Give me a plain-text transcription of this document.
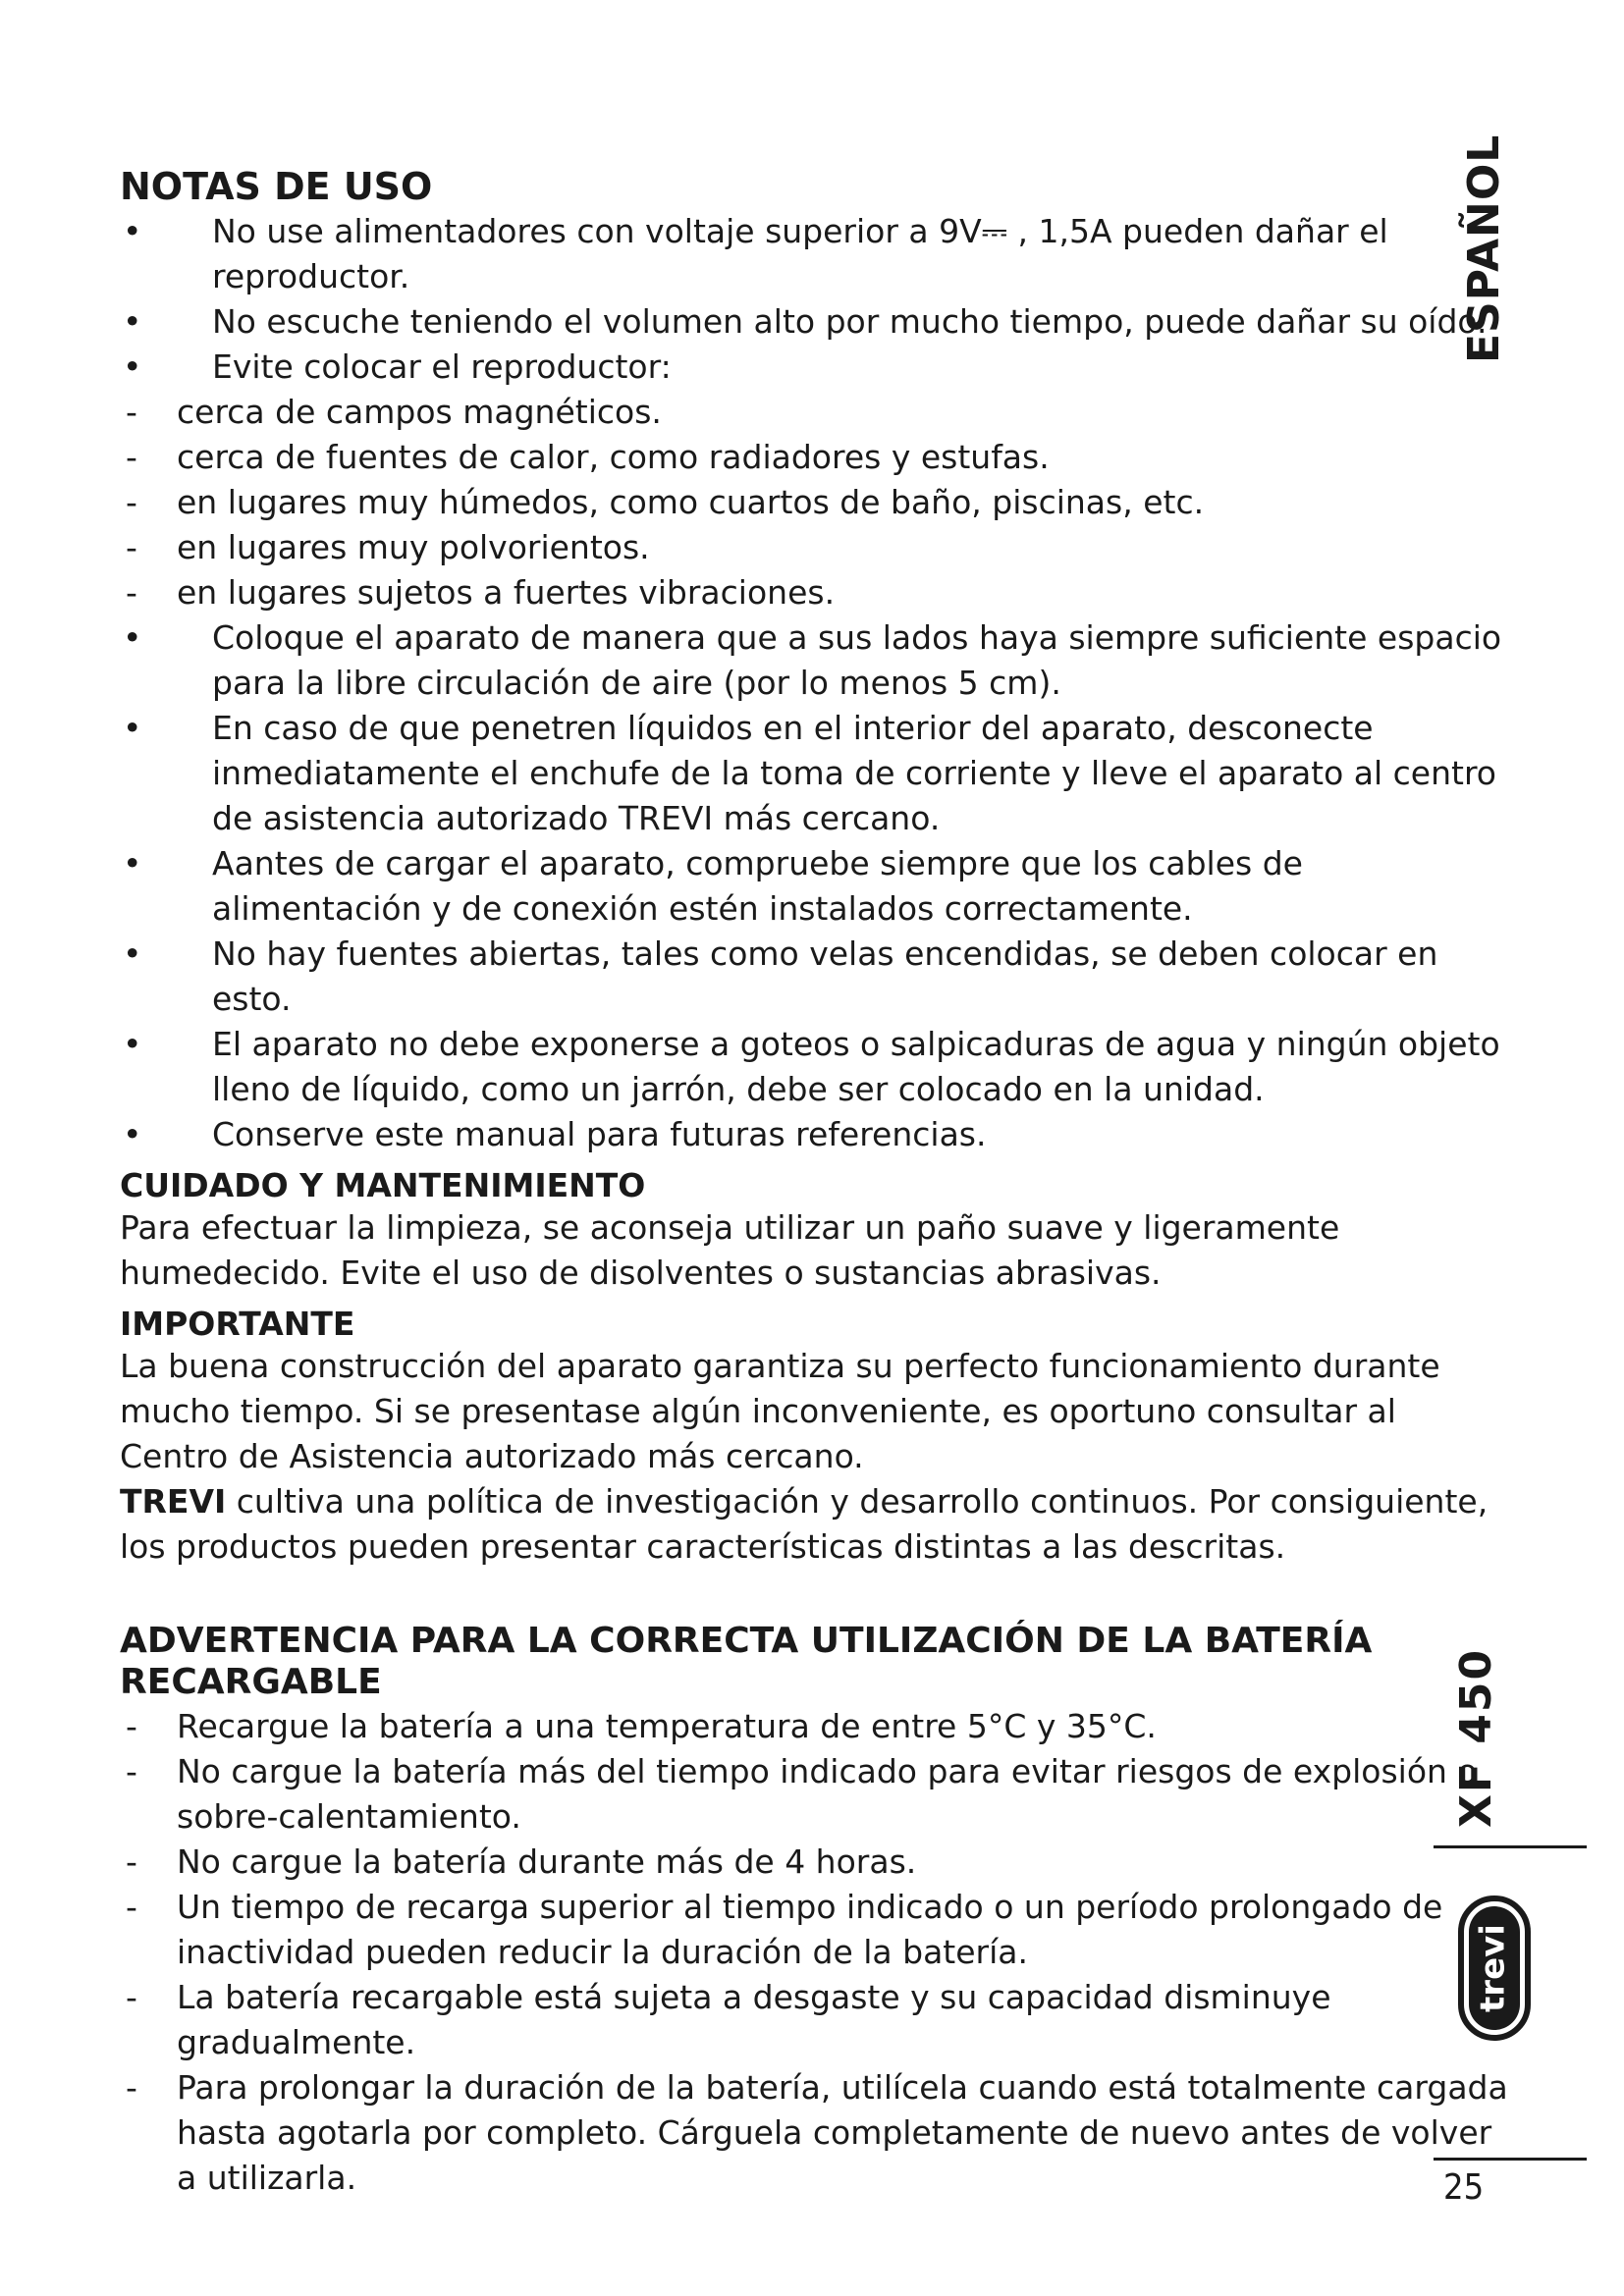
NOTAS DE USO
• No use alimentadores con voltaje superior a 9V⎓ , 1,5A pueden dañar el reproductor.
• No escuche teniendo el volumen alto por mucho tiempo, puede dañar su oído.
• Evite colocar el reproductor:
- cerca de campos magnéticos.
- cerca de fuentes de calor, como radiadores y estufas.
- en lugares muy húmedos, como cuartos de baño, piscinas, etc.
- en lugares muy polvorientos.
- en lugares sujetos a fuertes vibraciones.
• Coloque el aparato de manera que a sus lados haya siempre suficiente espacio para la libre circulación de aire (por lo menos 5 cm).
• En caso de que penetren líquidos en el interior del aparato, desconecte inmediatamente el enchufe de la toma de corriente y lleve el aparato al centro de asistencia autorizado TREVI más cercano.
• Aantes de cargar el aparato, compruebe siempre que los cables de alimentación y de conexión estén instalados correctamente.
• No hay fuentes abiertas, tales como velas encendidas, se deben colocar en esto.
• El aparato no debe exponerse a goteos o salpicaduras de agua y ningún objeto lleno de líquido, como un jarrón, debe ser colocado en la unidad.
• Conserve este manual para futuras referencias.
CUIDADO Y MANTENIMIENTO

Para efectuar la limpieza, se aconseja utilizar un paño suave y ligeramente humedecido. Evite el uso de disolventes o sustancias abrasivas.

IMPORTANTE

La buena construcción del aparato garantiza su perfecto funcionamiento durante mucho tiempo. Si se presentase algún inconveniente, es oportuno consultar al Centro de Asistencia autorizado más cercano.

TREVI cultiva una política de investigación y desarrollo continuos. Por consiguiente, los productos pueden presentar características distintas a las descritas.

ADVERTENCIA PARA LA CORRECTA UTILIZACIÓN DE LA BATERÍA RECARGABLE
- Recargue la batería a una temperatura de entre 5°C y 35°C.
- No cargue la batería más del tiempo indicado para evitar riesgos de explosión o sobre-calentamiento.
- No cargue la batería durante más de 4 horas.
- Un tiempo de recarga superior al tiempo indicado o un período prolongado de inactividad pueden reducir la duración de la batería.
- La batería recargable está sujeta a desgaste y su capacidad disminuye gradualmente.
- Para prolongar la duración de la batería, utilícela cuando está totalmente cargada hasta agotarla por completo. Cárguela completamente de nuevo antes de volver a utilizarla.
ESPAÑOL
XF 450
trevi
25
